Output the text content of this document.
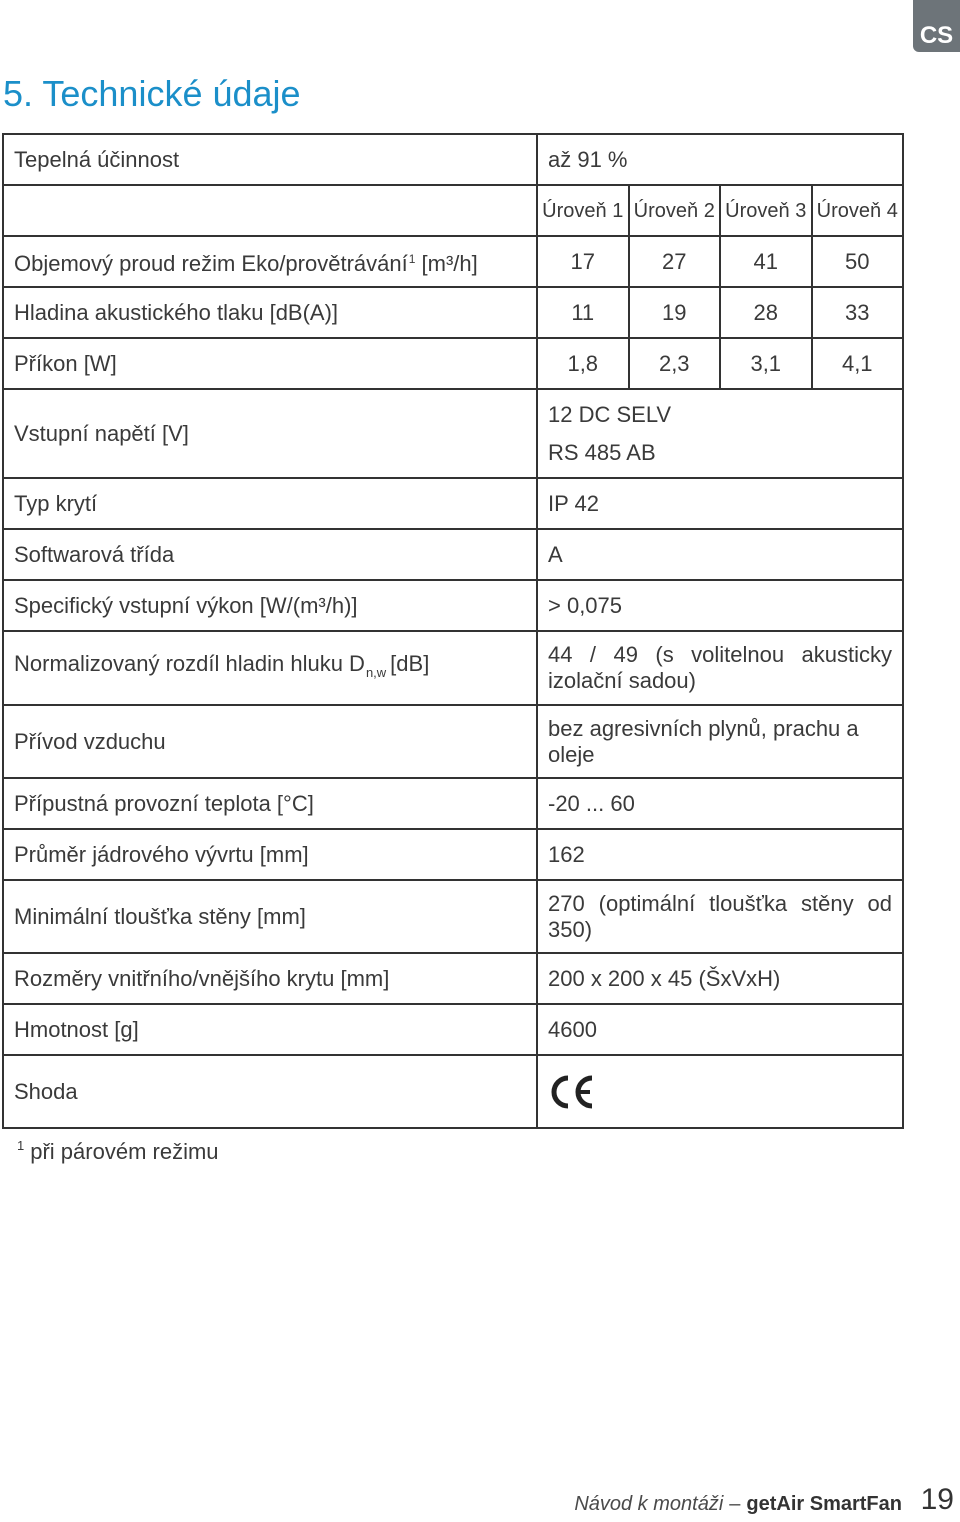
CS
5. Technické údaje
Tepelná účinnost	až 91 %			
	Úroveň 1	Úroveň 2	Úroveň 3	Úroveň 4
Objemový proud režim Eko/provětrávání$^1$ [m³/h]	17	27	41	50
Hladina akustického tlaku [dB(A)]	11	19	28	33
Příkon [W]	1,8	2,3	3,1	4,1
Vstupní napětí [V]	12 DC SELV
RS 485 AB			

Typ krytí	IP 42			
Softwarová třída	A			
Specifický vstupní výkon [W/(m³/h)]	> 0,075			
Normalizovaný rozdíl hladin hluku $D_{n,w}$ [dB]	44 / 49 (s volitelnou akusticky izolační sadou)			
Přívod vzduchu	bez agresivních plynů, prachu a oleje			
Přípustná provozní teplota [°C]	-20 ... 60			
Průměr jádrového vývrtu [mm]	162			
Minimální tloušťka stěny [mm]	270 (optimální tloušťka stěny od 350)			
Rozměry vnitřního/vnějšího krytu [mm]	200 x 200 x 45 (ŠxVxH)			
Hmotnost [g]	4600			
Shoda	
$^1$ při párovém režimu
Návod k montáži – getAir SmartFan 19
